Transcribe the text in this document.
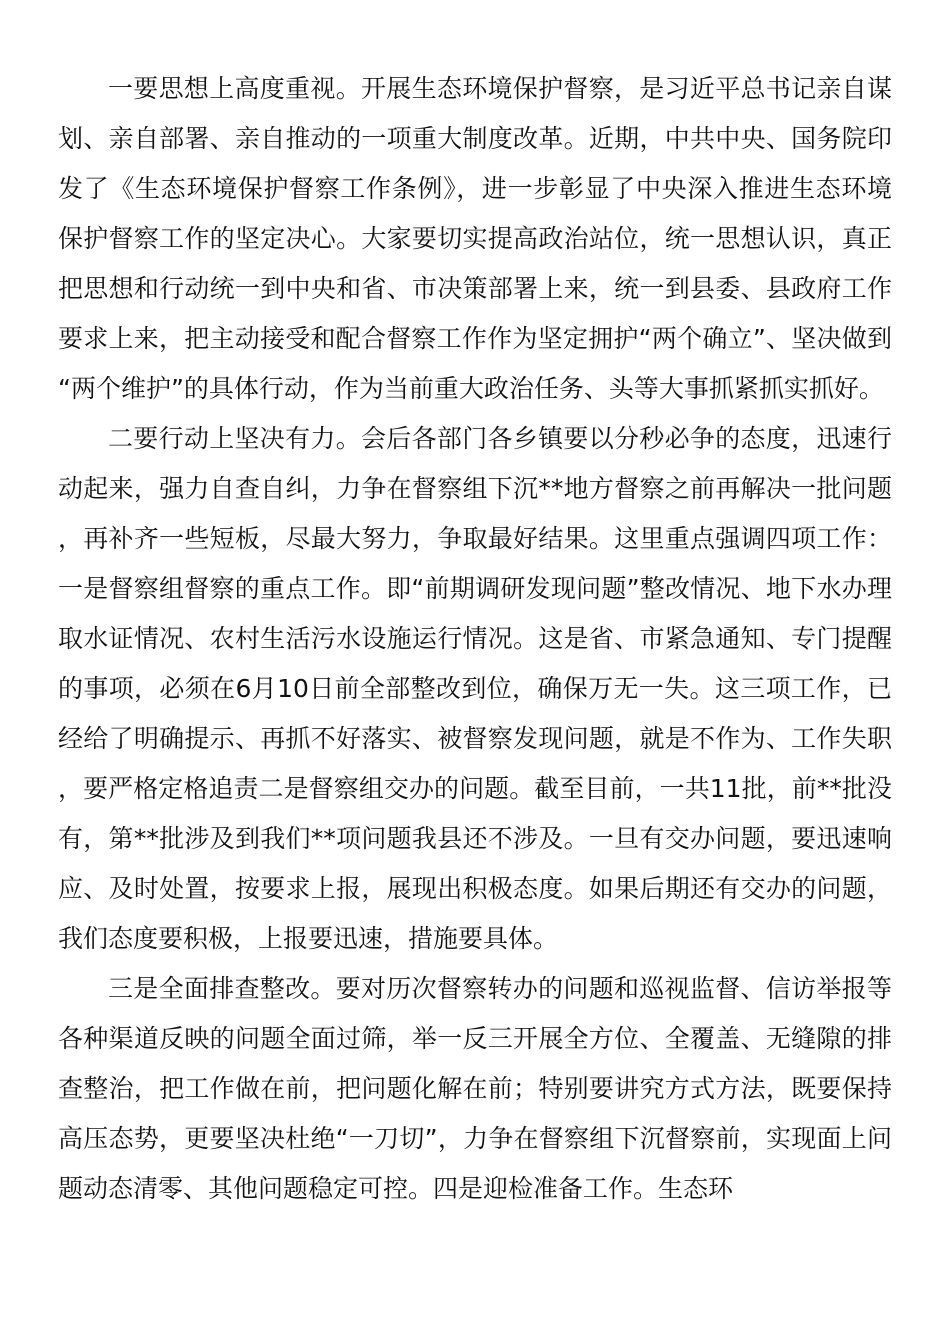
一要思想上高度重视。开展生态环境保护督察，是习近平总书记亲自谋划、亲自部署、亲自推动的一项重大制度改革。近期，中共中央、国务院印发了《生态环境保护督察工作条例》，进一步彰显了中央深入推进生态环境保护督察工作的坚定决心。大家要切实提高政治站位，统一思想认识，真正把思想和行动统一到中央和省、市决策部署上来，统一到县委、县政府工作要求上来，把主动接受和配合督察工作作为坚定拥护“两个确立”、坚决做到“两个维护”的具体行动，作为当前重大政治任务、头等大事抓紧抓实抓好。

二要行动上坚决有力。会后各部门各乡镇要以分秒必争的态度，迅速行动起来，强力自查自纠，力争在督察组下沉**地方督察之前再解决一批问题，再补齐一些短板，尽最大努力，争取最好结果。这里重点强调四项工作：一是督察组督察的重点工作。即“前期调研发现问题”整改情况、地下水办理取水证情况、农村生活污水设施运行情况。这是省、市紧急通知、专门提醒的事项，必须在6月10日前全部整改到位，确保万无一失。这三项工作，已经给了明确提示、再抓不好落实、被督察发现问题，就是不作为、工作失职，要严格定格追责二是督察组交办的问题。截至目前，一共11批，前**批没有，第**批涉及到我们**项问题我县还不涉及。一旦有交办问题，要迅速响应、及时处置，按要求上报，展现出积极态度。如果后期还有交办的问题，我们态度要积极，上报要迅速，措施要具体。

三是全面排查整改。要对历次督察转办的问题和巡视监督、信访举报等各种渠道反映的问题全面过筛，举一反三开展全方位、全覆盖、无缝隙的排查整治，把工作做在前，把问题化解在前；特别要讲究方式方法，既要保持高压态势，更要坚决杜绝“一刀切”，力争在督察组下沉督察前，实现面上问题动态清零、其他问题稳定可控。四是迎检准备工作。生态环
